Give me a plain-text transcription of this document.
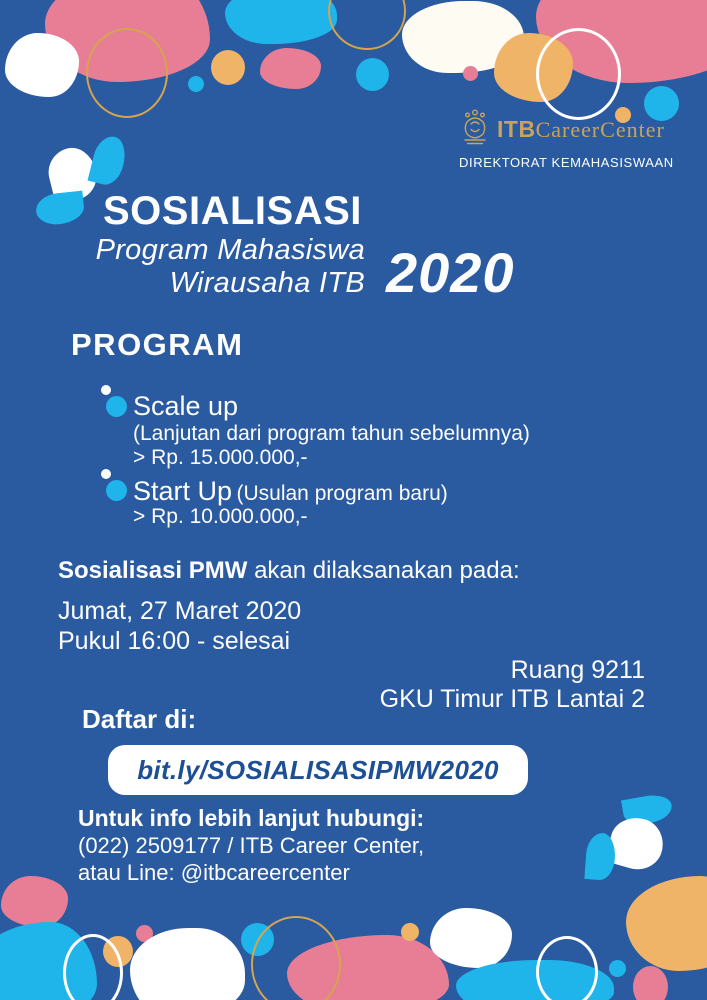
ITBCareerCenter
DIREKTORAT KEMAHASISWAAN
SOSIALISASI
Program Mahasiswa
Wirausaha ITB 2020
PROGRAM
Scale up
(Lanjutan dari program tahun sebelumnya)
> Rp. 15.000.000,-
Start Up (Usulan program baru)
> Rp. 10.000.000,-
Sosialisasi PMW akan dilaksanakan pada:
Jumat, 27 Maret 2020
Pukul 16:00 - selesai
Ruang 9211
GKU Timur ITB Lantai 2
Daftar di:
bit.ly/SOSIALISASIPMW2020
Untuk info lebih lanjut hubungi:
(022) 2509177 / ITB Career Center,
atau Line: @itbcareercenter
